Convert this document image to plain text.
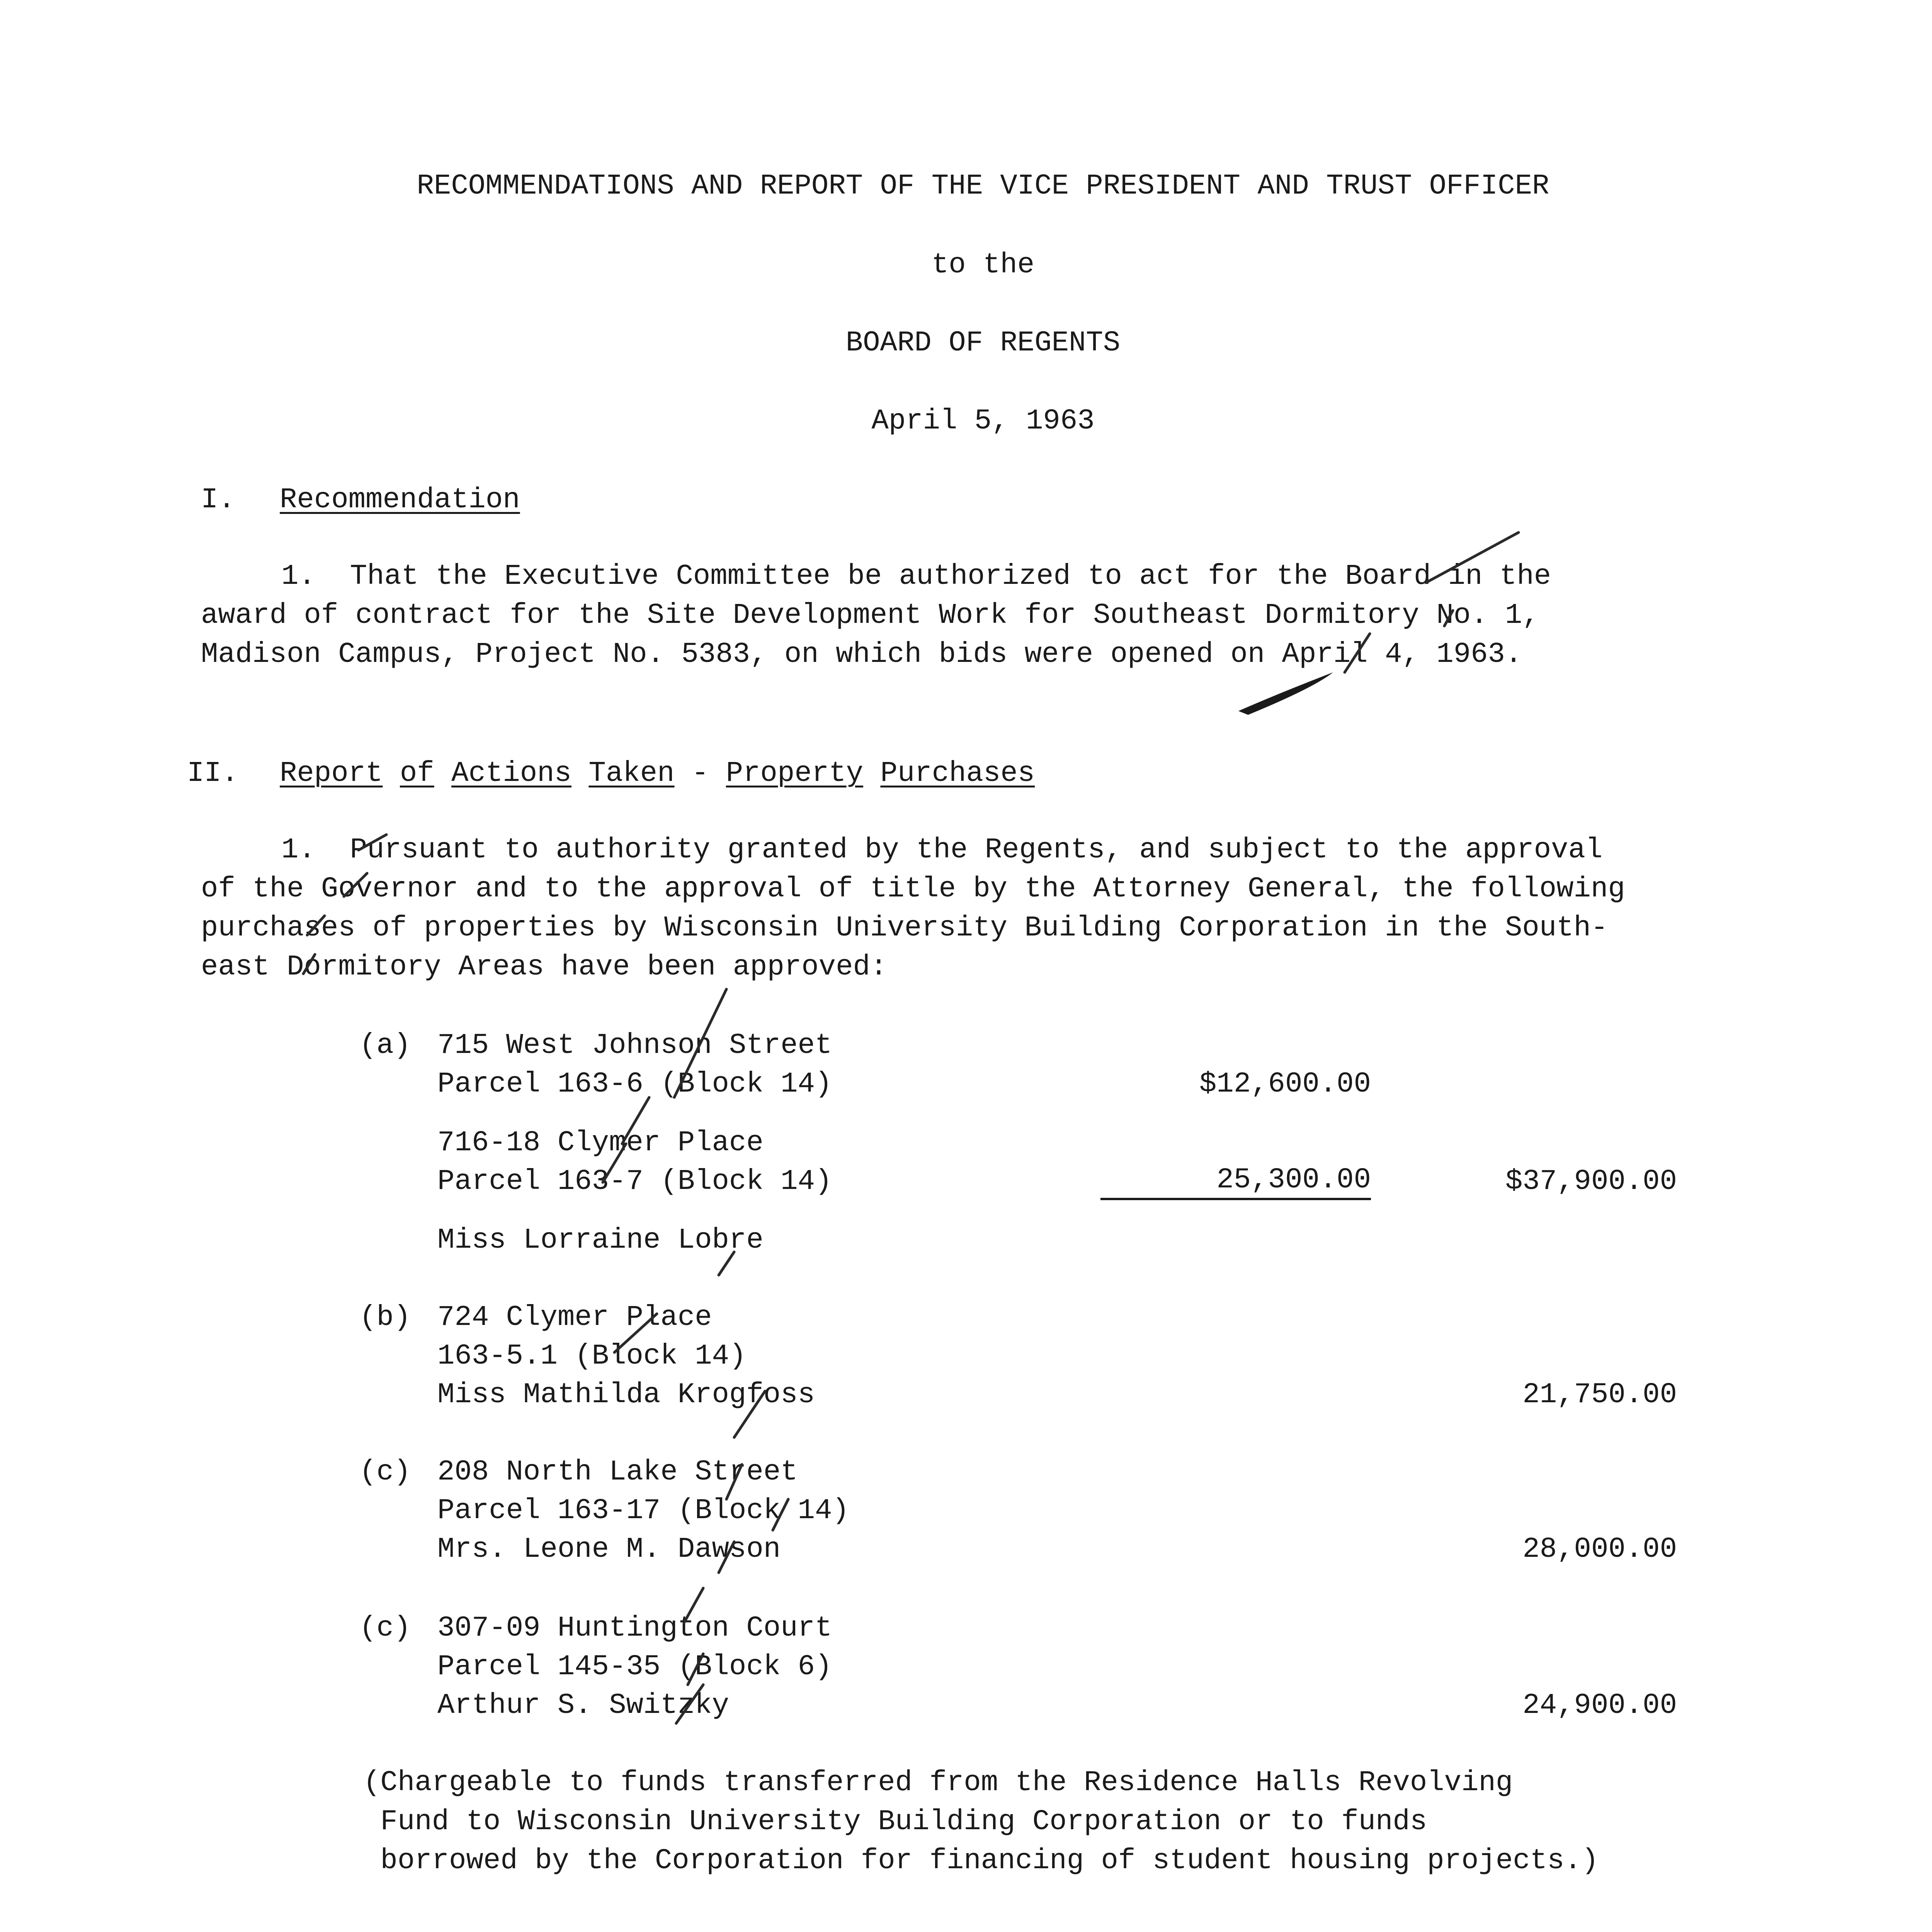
RECOMMENDATIONS AND REPORT OF THE VICE PRESIDENT AND TRUST OFFICER

to the

BOARD OF REGENTS

April 5, 1963

I. Recommendation

1.  That the Executive Committee be authorized to act for the Board in the

award of contract for the Site Development Work for Southeast Dormitory No. 1,

Madison Campus, Project No. 5383, on which bids were opened on April 4, 1963.

II. Report of Actions Taken - Property Purchases

1.  Pursuant to authority granted by the Regents, and subject to the approval

of the Governor and to the approval of title by the Attorney General, the following

purchases of properties by Wisconsin University Building Corporation in the South-

east Dormitory Areas have been approved:

(a) 715 West Johnson Street

Parcel 163-6 (Block 14)	$12,600.00

716-18 Clymer Place

Parcel 163-7 (Block 14)	25,300.00	$37,900.00

Miss Lorraine Lobre

(b) 724 Clymer Place

163-5.1 (Block 14)

Miss Mathilda Krogfoss	21,750.00

(c) 208 North Lake Street

Parcel 163-17 (Block 14)

Mrs. Leone M. Dawson	28,000.00

(c) 307-09 Huntington Court

Parcel 145-35 (Block 6)

Arthur S. Switzky	24,900.00

(Chargeable to funds transferred from the Residence Halls Revolving

Fund to Wisconsin University Building Corporation or to funds

borrowed by the Corporation for financing of student housing projects.)
